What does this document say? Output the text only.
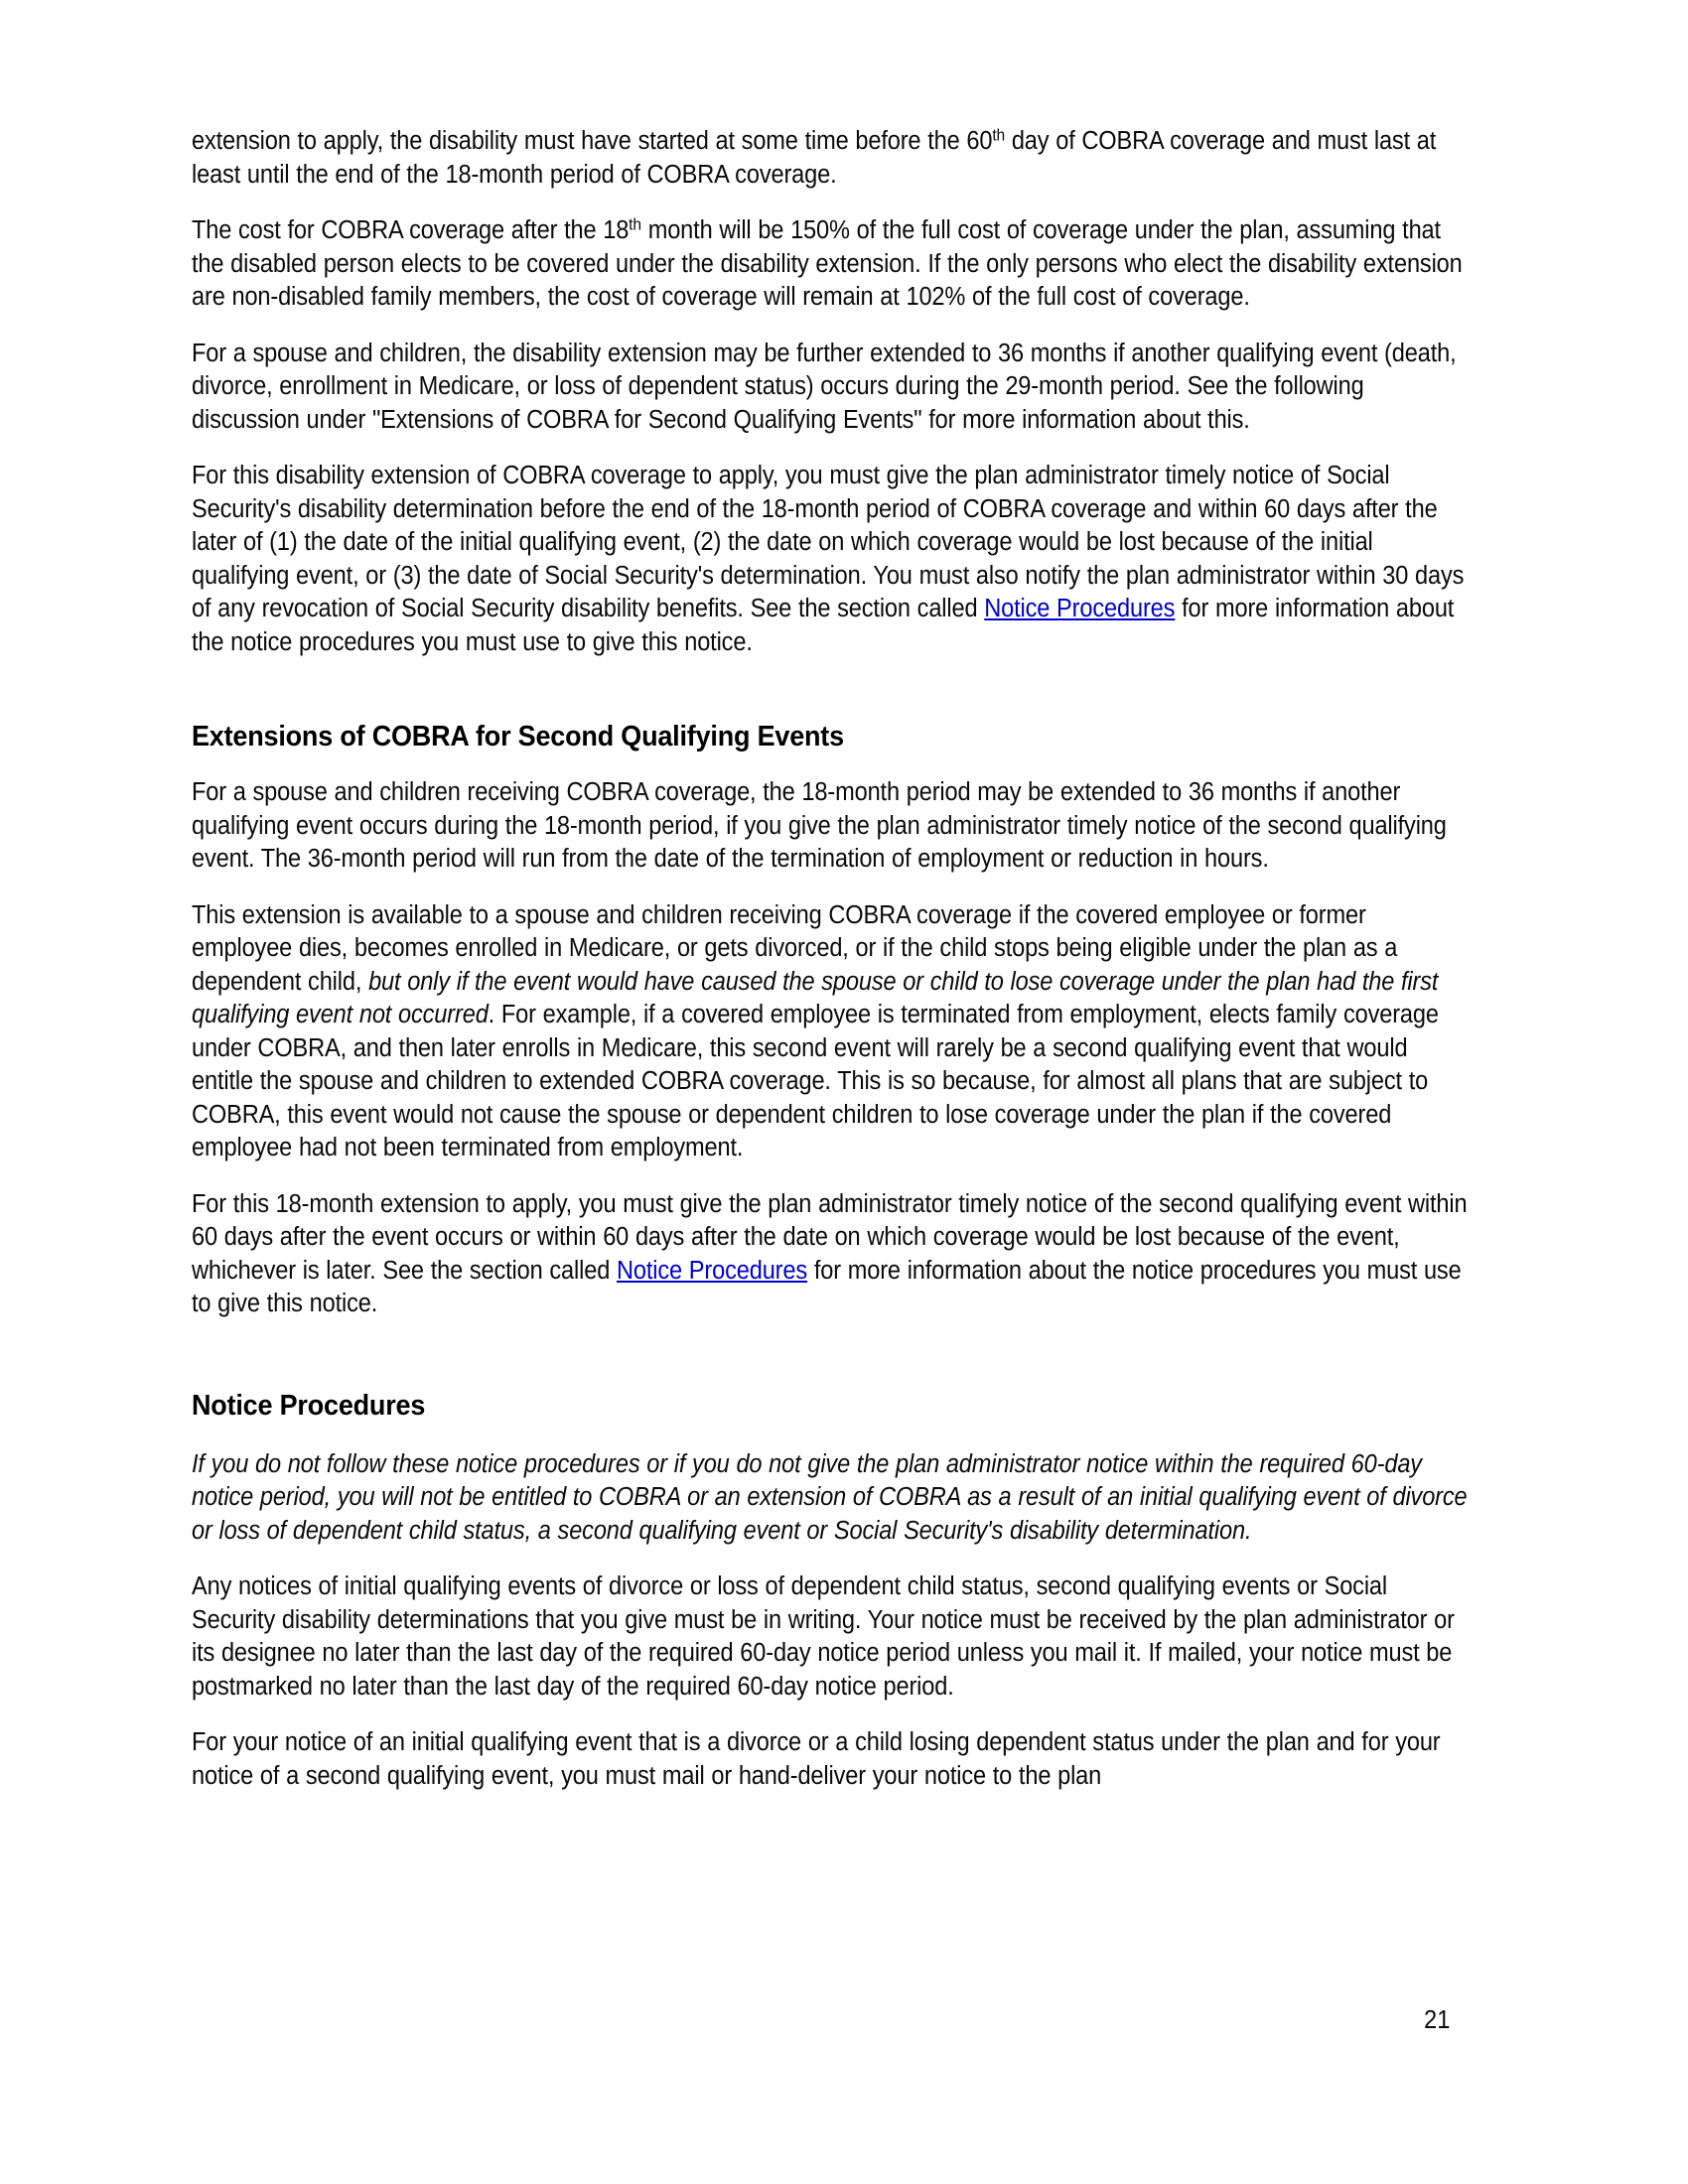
extension to apply, the disability must have started at some time before the 60th day of COBRA coverage and must last at least until the end of the 18-month period of COBRA coverage.

The cost for COBRA coverage after the 18th month will be 150% of the full cost of coverage under the plan, assuming that the disabled person elects to be covered under the disability extension. If the only persons who elect the disability extension are non-disabled family members, the cost of coverage will remain at 102% of the full cost of coverage.

For a spouse and children, the disability extension may be further extended to 36 months if another qualifying event (death, divorce, enrollment in Medicare, or loss of dependent status) occurs during the 29-month period. See the following discussion under "Extensions of COBRA for Second Qualifying Events" for more information about this.

For this disability extension of COBRA coverage to apply, you must give the plan administrator timely notice of Social Security's disability determination before the end of the 18-month period of COBRA coverage and within 60 days after the later of (1) the date of the initial qualifying event, (2) the date on which coverage would be lost because of the initial qualifying event, or (3) the date of Social Security's determination. You must also notify the plan administrator within 30 days of any revocation of Social Security disability benefits. See the section called Notice Procedures for more information about the notice procedures you must use to give this notice.

Extensions of COBRA for Second Qualifying Events

For a spouse and children receiving COBRA coverage, the 18-month period may be extended to 36 months if another qualifying event occurs during the 18-month period, if you give the plan administrator timely notice of the second qualifying event. The 36-month period will run from the date of the termination of employment or reduction in hours.

This extension is available to a spouse and children receiving COBRA coverage if the covered employee or former employee dies, becomes enrolled in Medicare, or gets divorced, or if the child stops being eligible under the plan as a dependent child, but only if the event would have caused the spouse or child to lose coverage under the plan had the first qualifying event not occurred. For example, if a covered employee is terminated from employment, elects family coverage under COBRA, and then later enrolls in Medicare, this second event will rarely be a second qualifying event that would entitle the spouse and children to extended COBRA coverage. This is so because, for almost all plans that are subject to COBRA, this event would not cause the spouse or dependent children to lose coverage under the plan if the covered employee had not been terminated from employment.

For this 18-month extension to apply, you must give the plan administrator timely notice of the second qualifying event within 60 days after the event occurs or within 60 days after the date on which coverage would be lost because of the event, whichever is later. See the section called Notice Procedures for more information about the notice procedures you must use to give this notice.

Notice Procedures

If you do not follow these notice procedures or if you do not give the plan administrator notice within the required 60-day notice period, you will not be entitled to COBRA or an extension of COBRA as a result of an initial qualifying event of divorce or loss of dependent child status, a second qualifying event or Social Security's disability determination.

Any notices of initial qualifying events of divorce or loss of dependent child status, second qualifying events or Social Security disability determinations that you give must be in writing. Your notice must be received by the plan administrator or its designee no later than the last day of the required 60-day notice period unless you mail it. If mailed, your notice must be postmarked no later than the last day of the required 60-day notice period.

For your notice of an initial qualifying event that is a divorce or a child losing dependent status under the plan and for your notice of a second qualifying event, you must mail or hand-deliver your notice to the plan

21
